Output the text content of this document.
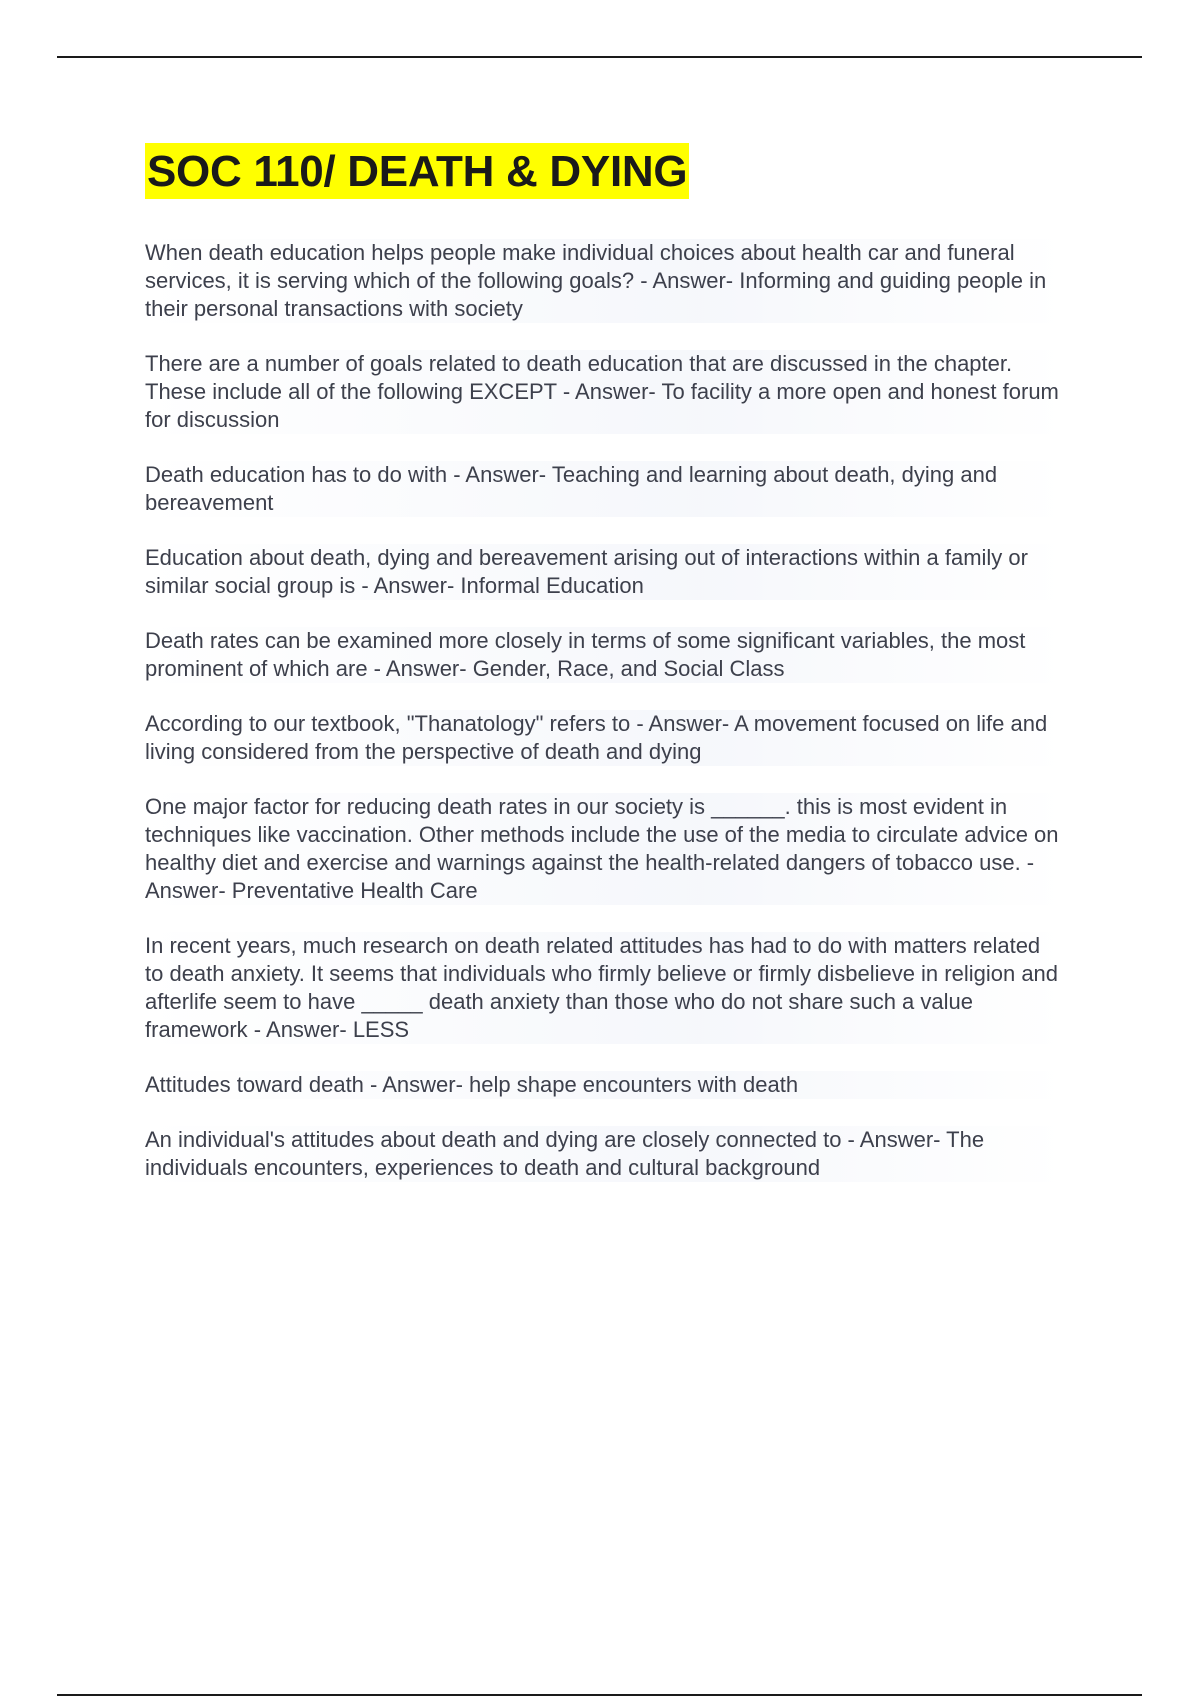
SOC 110/ DEATH & DYING

When death education helps people make individual choices about health car and funeral services, it is serving which of the following goals? - Answer- Informing and guiding people in their personal transactions with society

There are a number of goals related to death education that are discussed in the chapter. These include all of the following EXCEPT - Answer- To facility a more open and honest forum for discussion

Death education has to do with - Answer- Teaching and learning about death, dying and bereavement

Education about death, dying and bereavement arising out of interactions within a family or similar social group is - Answer- Informal Education

Death rates can be examined more closely in terms of some significant variables, the most prominent of which are - Answer- Gender, Race, and Social Class

According to our textbook, "Thanatology" refers to - Answer- A movement focused on life and living considered from the perspective of death and dying

One major factor for reducing death rates in our society is ______. this is most evident in techniques like vaccination. Other methods include the use of the media to circulate advice on healthy diet and exercise and warnings against the health-related dangers of tobacco use. - Answer- Preventative Health Care

In recent years, much research on death related attitudes has had to do with matters related to death anxiety. It seems that individuals who firmly believe or firmly disbelieve in religion and afterlife seem to have _____ death anxiety than those who do not share such a value framework - Answer- LESS

Attitudes toward death - Answer- help shape encounters with death

An individual's attitudes about death and dying are closely connected to - Answer- The individuals encounters, experiences to death and cultural background
